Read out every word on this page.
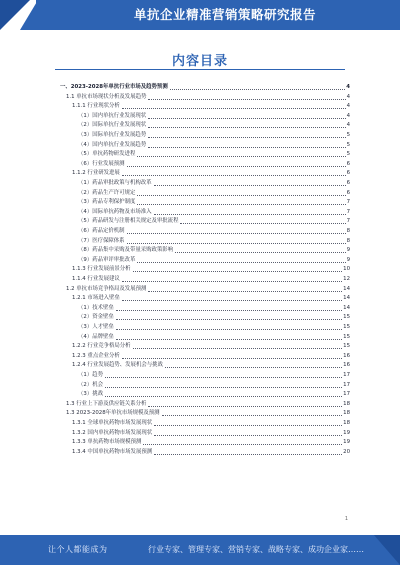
单抗企业精准营销策略研究报告
内容目录
一、2023-2028年单抗行业市场及趋势预测	4
1.1 单抗市场现状分析及发展趋势	4
1.1.1 行业现状分析	4
（1）国内单抗行业发展现状	4
（2）国际单抗行业发展现状	4
（3）国际单抗行业发展趋势	5
（4）国内单抗行业发展趋势	5
（5）单抗药物研发进程	5
（6）行业发展预测	6
1.1.2 行业研发进展	6
（1）药品审批政策与机构改革	6
（2）药品生产许可规定	6
（3）药品专利保护制度	7
（4）国际单抗药物及市场准入	7
（5）药品研发与注册相关规定及审批流程	7
（6）药品定价机制	8
（7）医疗保障体系	8
（8）药品集中采购及带量采购政策影响	9
（9）药品审评审批改革	9
1.1.3 行业发展前景分析	10
1.1.4 行业发展建议	12
1.2 单抗市场竞争格局及发展预测	14
1.2.1 市场进入壁垒	14
（1）技术壁垒	14
（2）资金壁垒	15
（3）人才壁垒	15
（4）品牌壁垒	15
1.2.2 行业竞争格局分析	15
1.2.3 重点企业分析	16
1.2.4 行业发展趋势、发展机会与挑战	16
（1）趋势	17
（2）机会	17
（3）挑战	17
1.3 行业上下游及供应链关系分析	18
1.3 2023-2028年单抗市场规模及预测	18
1.3.1 全球单抗药物市场发展现状	18
1.3.2 国内单抗药物市场发展现状	19
1.3.3 单抗药物市场规模预测	19
1.3.4 中国单抗药物市场发展预测	20
1
让个人都能成为	行业专家、管理专家、营销专家、战略专家、成功企业家……
